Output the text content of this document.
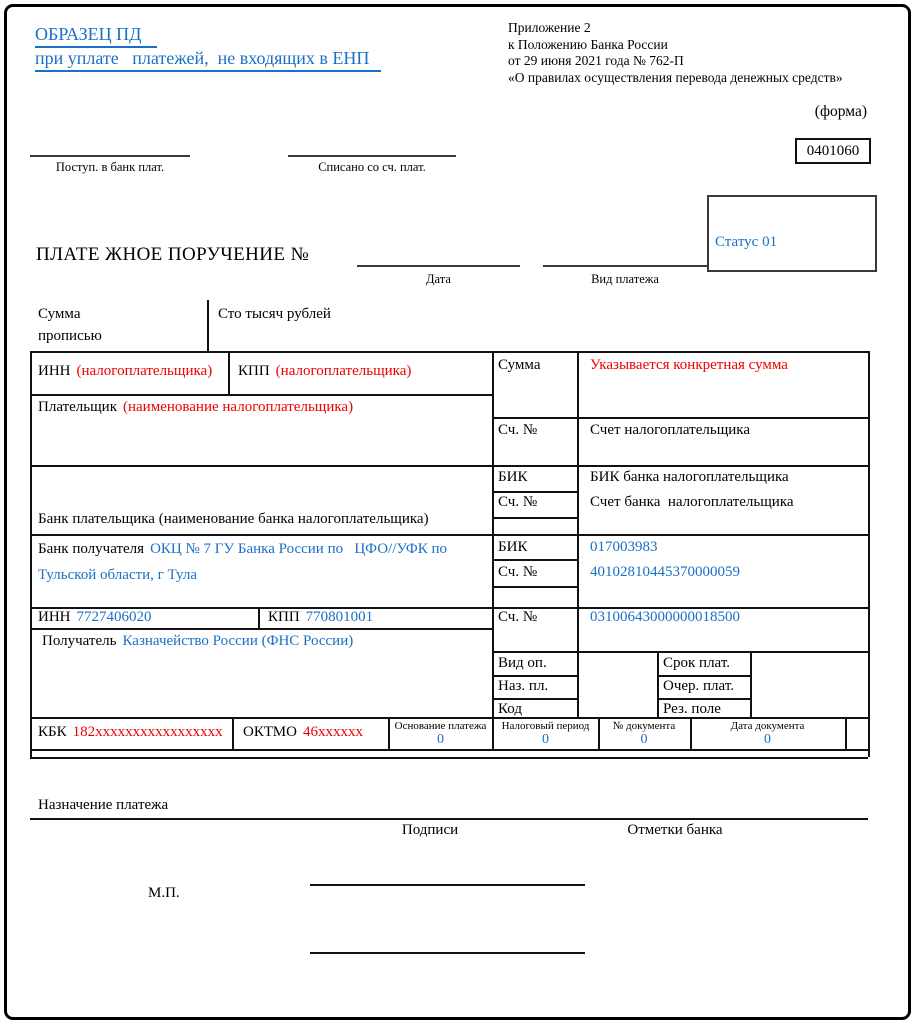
ОБРАЗЕЦ ПД
при уплате   платежей,  не входящих в ЕНП
Приложение 2
к Положению Банка России
от 29 июня 2021 года № 762-П
«О правилах осуществления перевода денежных средств»
(форма)
0401060
Поступ. в банк плат.	Списано со сч. плат.
ПЛАТЕ ЖНОЕ ПОРУЧЕНИЕ №
Дата	Вид платежа
Статус 01
Сумма прописью
Сто тысяч рублей
ИНН (налогоплательщика) КПП (налогоплательщика)
Плательщик (наименование налогоплательщика)
Сумма	Указывается конкретная сумма
Сч. №	Счет налогоплательщика
БИК	БИК банка налогоплательщика
Сч. №	Счет банка  налогоплательщика
Банк плательщика (наименование банка налогоплательщика)
Банк получателя ОКЦ № 7 ГУ Банка России по   ЦФО//УФК по Тульской области, г Тула
БИК	017003983
Сч. №	40102810445370000059
ИНН 7727406020	КПП 770801001	Сч. №	03100643000000018500
Получатель Казначейство России (ФНС России)
Вид оп.	Срок плат.
Наз. пл.	Очер. плат.
Код	Рез. поле
КБК 182xxxxxxxxxxxxxxxxx ОКТМО 46xxxxxx	Основание платежа	Налоговый период	№ документа	Дата документа
0	0	0	0
Назначение платежа
Подписи	Отметки банка
М.П.
